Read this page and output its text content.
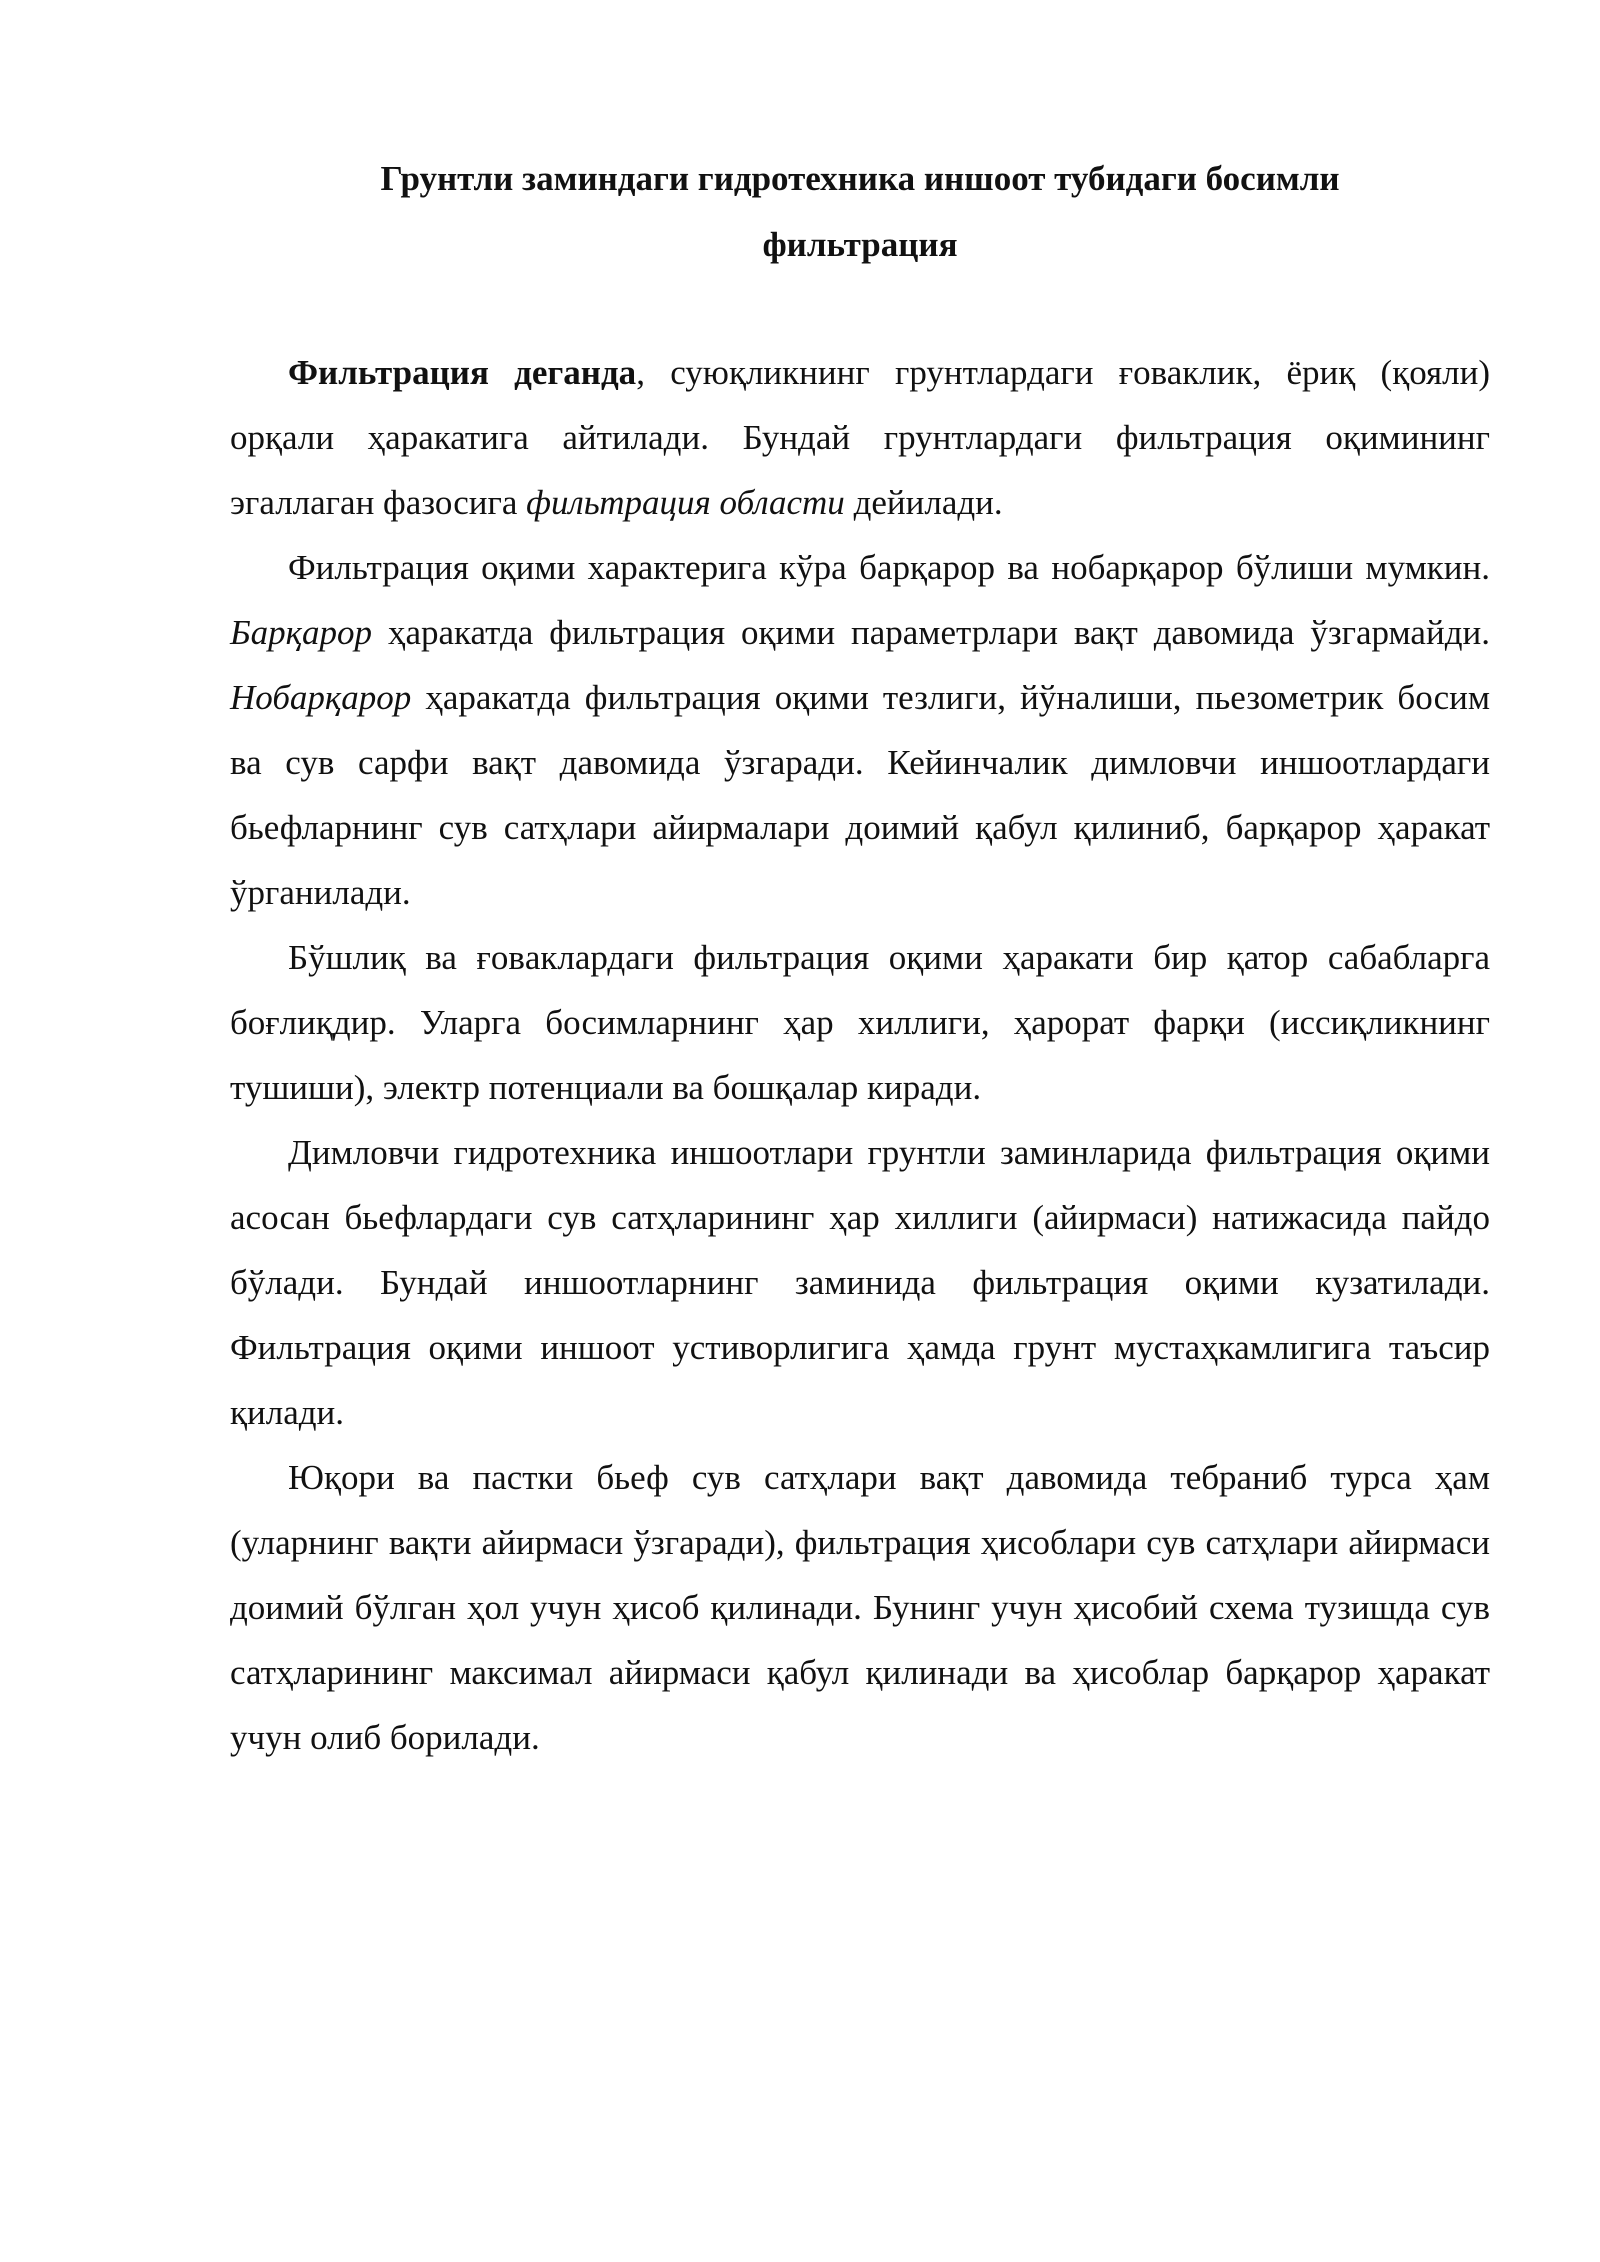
Грунтли заминдаги гидротехника иншоот тубидаги босимли фильтрация

Фильтрация деганда, суюқликнинг грунтлардаги ғоваклик, ёриқ (қояли) орқали ҳаракатига айтилади. Бундай грунтлардаги фильтрация оқимининг эгаллаган фазосига фильтрация области дейилади.

Фильтрация оқими характерига кўра барқарор ва нобарқарор бўлиши мумкин. Барқарор ҳаракатда фильтрация оқими параметрлари вақт давомида ўзгармайди. Нобарқарор ҳаракатда фильтрация оқими тезлиги, йўналиши, пьезометрик босим ва сув сарфи вақт давомида ўзгаради. Кейинчалик димловчи иншоотлардаги бьефларнинг сув сатҳлари айирмалари доимий қабул қилиниб, барқарор ҳаракат ўрганилади.

Бўшлиқ ва ғовaклардаги фильтрация оқими ҳаракати бир қатор сабабларга боғлиқдир. Уларга босимларнинг ҳар хиллиги, ҳарорат фарқи (иссиқликнинг тушиши), электр потенциали ва бошқалар киради.

Димловчи гидротехника иншоотлари грунтли заминларида фильтрация оқими асосан бьефлардаги сув сатҳларининг ҳар хиллиги (айирмаси) натижасида пайдо бўлади. Бундай иншоотларнинг заминида фильтрация оқими кузатилади. Фильтрация оқими иншоот устиворлигига ҳамда грунт мустаҳкамлигига таъсир қилади.

Юқори ва пастки бьеф сув сатҳлари вақт давомида тебраниб турса ҳам (уларнинг вақти айирмаси ўзгаради), фильтрация ҳисоблари сув сатҳлари айирмаси доимий бўлган ҳол учун ҳисоб қилинади. Бунинг учун ҳисобий схема тузишда сув сатҳларининг максимал айирмаси қабул қилинади ва ҳисоблар барқарор ҳаракат учун олиб борилади.
